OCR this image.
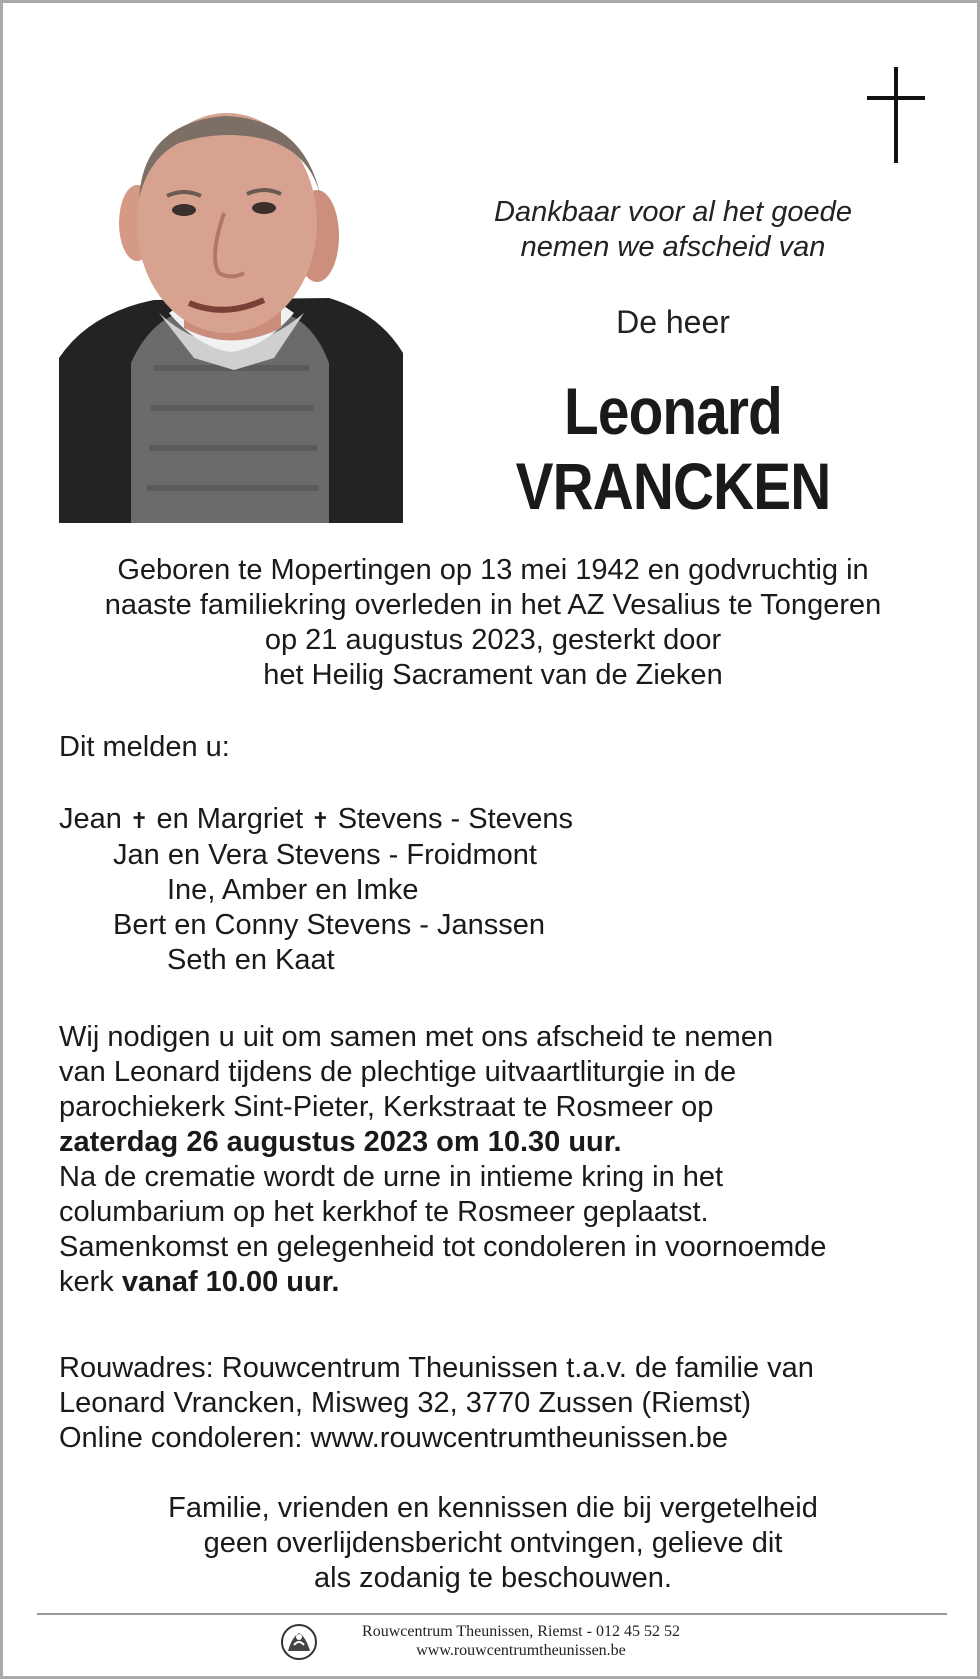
Dankbaar voor al het goede
nemen we afscheid van
De heer
Leonard
VRANCKEN
Geboren te Mopertingen op 13 mei 1942 en godvruchtig in
naaste familiekring overleden in het AZ Vesalius te Tongeren
op 21 augustus 2023, gesterkt door
het Heilig Sacrament van de Zieken
Dit melden u:
Jean ✝ en Margriet ✝ Stevens - Stevens
Jan en Vera Stevens - Froidmont
Ine, Amber en Imke
Bert en Conny Stevens - Janssen
Seth en Kaat
Wij nodigen u uit om samen met ons afscheid te nemen
van Leonard tijdens de plechtige uitvaartliturgie in de
parochiekerk Sint-Pieter, Kerkstraat te Rosmeer op
zaterdag 26 augustus 2023 om 10.30 uur.
Na de crematie wordt de urne in intieme kring in het
columbarium op het kerkhof te Rosmeer geplaatst.
Samenkomst en gelegenheid tot condoleren in voornoemde
kerk vanaf 10.00 uur.
Rouwadres: Rouwcentrum Theunissen t.a.v. de familie van
Leonard Vrancken, Misweg 32, 3770 Zussen (Riemst)
Online condoleren: www.rouwcentrumtheunissen.be
Familie, vrienden en kennissen die bij vergetelheid
geen overlijdensbericht ontvingen, gelieve dit
als zodanig te beschouwen.
Rouwcentrum Theunissen, Riemst - 012 45 52 52
www.rouwcentrumtheunissen.be
